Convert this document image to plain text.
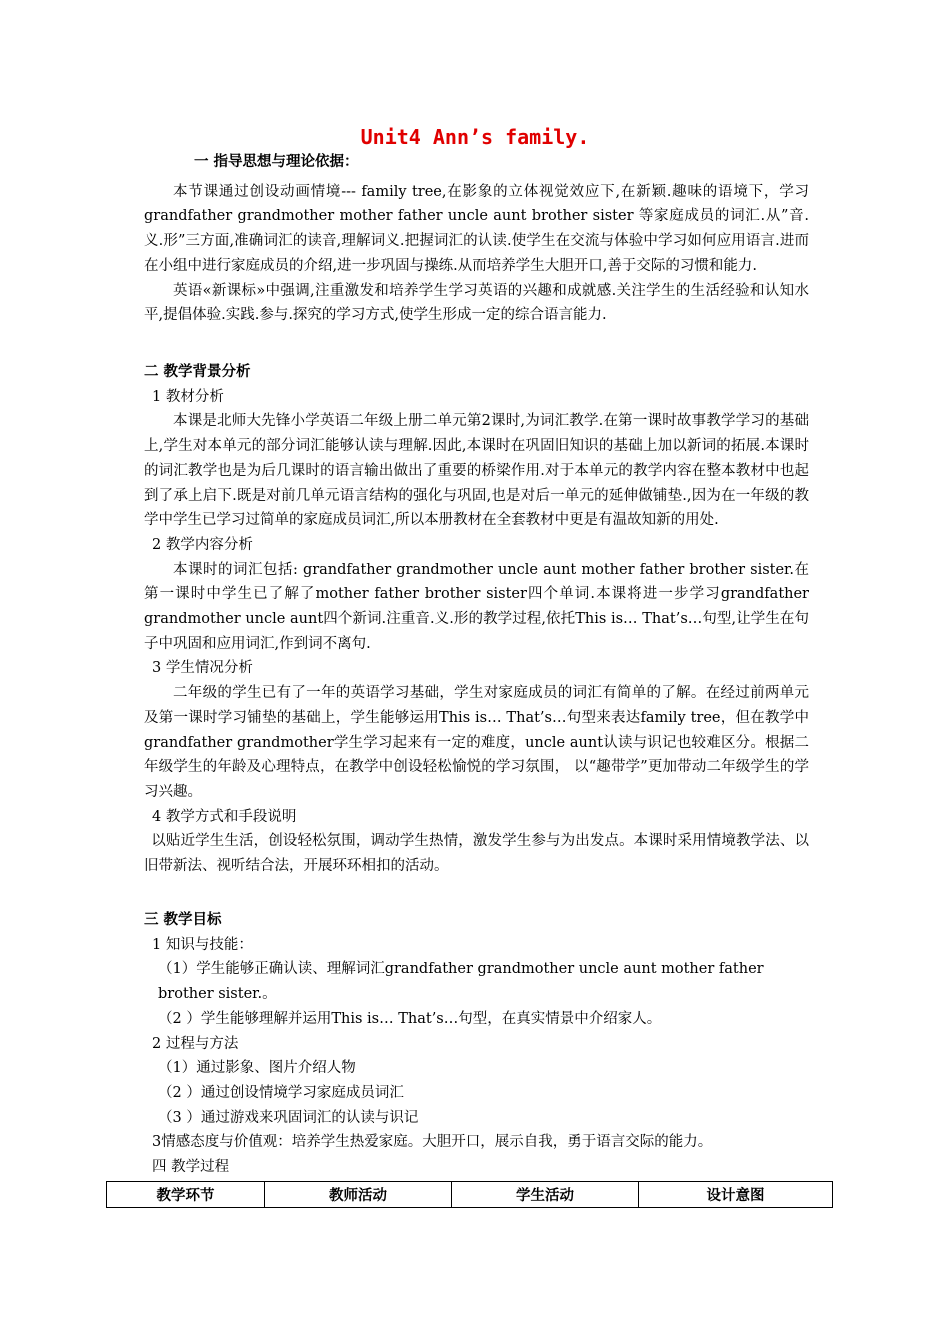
Unit4 Ann’s family.

一 指导思想与理论依据：

本节课通过创设动画情境--- family tree,在影象的立体视觉效应下,在新颖.趣味的语境下，学习grandfather grandmother mother father uncle aunt brother sister 等家庭成员的词汇.从”音.义.形”三方面,准确词汇的读音,理解词义.把握词汇的认读.使学生在交流与体验中学习如何应用语言.进而在小组中进行家庭成员的介绍,进一步巩固与操练.从而培养学生大胆开口,善于交际的习惯和能力.

英语«新课标»中强调,注重激发和培养学生学习英语的兴趣和成就感.关注学生的生活经验和认知水平,提倡体验.实践.参与.探究的学习方式,使学生形成一定的综合语言能力.

二 教学背景分析

1 教材分析

本课是北师大先锋小学英语二年级上册二单元第2课时,为词汇教学.在第一课时故事教学学习的基础上,学生对本单元的部分词汇能够认读与理解.因此,本课时在巩固旧知识的基础上加以新词的拓展.本课时的词汇教学也是为后几课时的语言输出做出了重要的桥梁作用.对于本单元的教学内容在整本教材中也起到了承上启下.既是对前几单元语言结构的强化与巩固,也是对后一单元的延伸做铺垫.,因为在一年级的教学中学生已学习过简单的家庭成员词汇,所以本册教材在全套教材中更是有温故知新的用处.

2 教学内容分析

本课时的词汇包括: grandfather grandmother uncle aunt mother father brother sister.在第一课时中学生已了解了mother father brother sister四个单词.本课将进一步学习grandfather grandmother uncle aunt四个新词.注重音.义.形的教学过程,依托This is… That’s…句型,让学生在句子中巩固和应用词汇,作到词不离句.

3 学生情况分析

二年级的学生已有了一年的英语学习基础，学生对家庭成员的词汇有简单的了解。在经过前两单元及第一课时学习铺垫的基础上，学生能够运用This is… That’s…句型来表达family tree，但在教学中grandfather grandmother学生学习起来有一定的难度，uncle aunt认读与识记也较难区分。根据二年级学生的年龄及心理特点，在教学中创设轻松愉悦的学习氛围， 以“趣带学”更加带动二年级学生的学习兴趣。

4 教学方式和手段说明

以贴近学生生活，创设轻松氛围，调动学生热情，激发学生参与为出发点。本课时采用情境教学法、以旧带新法、视听结合法，开展环环相扣的活动。

三 教学目标

1 知识与技能：

（1）学生能够正确认读、理解词汇grandfather grandmother uncle aunt mother father brother sister.。

（2 ）学生能够理解并运用This is… That’s…句型，在真实情景中介绍家人。

2 过程与方法

（1）通过影象、图片介绍人物

（2 ）通过创设情境学习家庭成员词汇

（3 ）通过游戏来巩固词汇的认读与识记

3情感态度与价值观：培养学生热爱家庭。大胆开口，展示自我，勇于语言交际的能力。

四 教学过程

教学环节	教师活动	学生活动	设计意图
